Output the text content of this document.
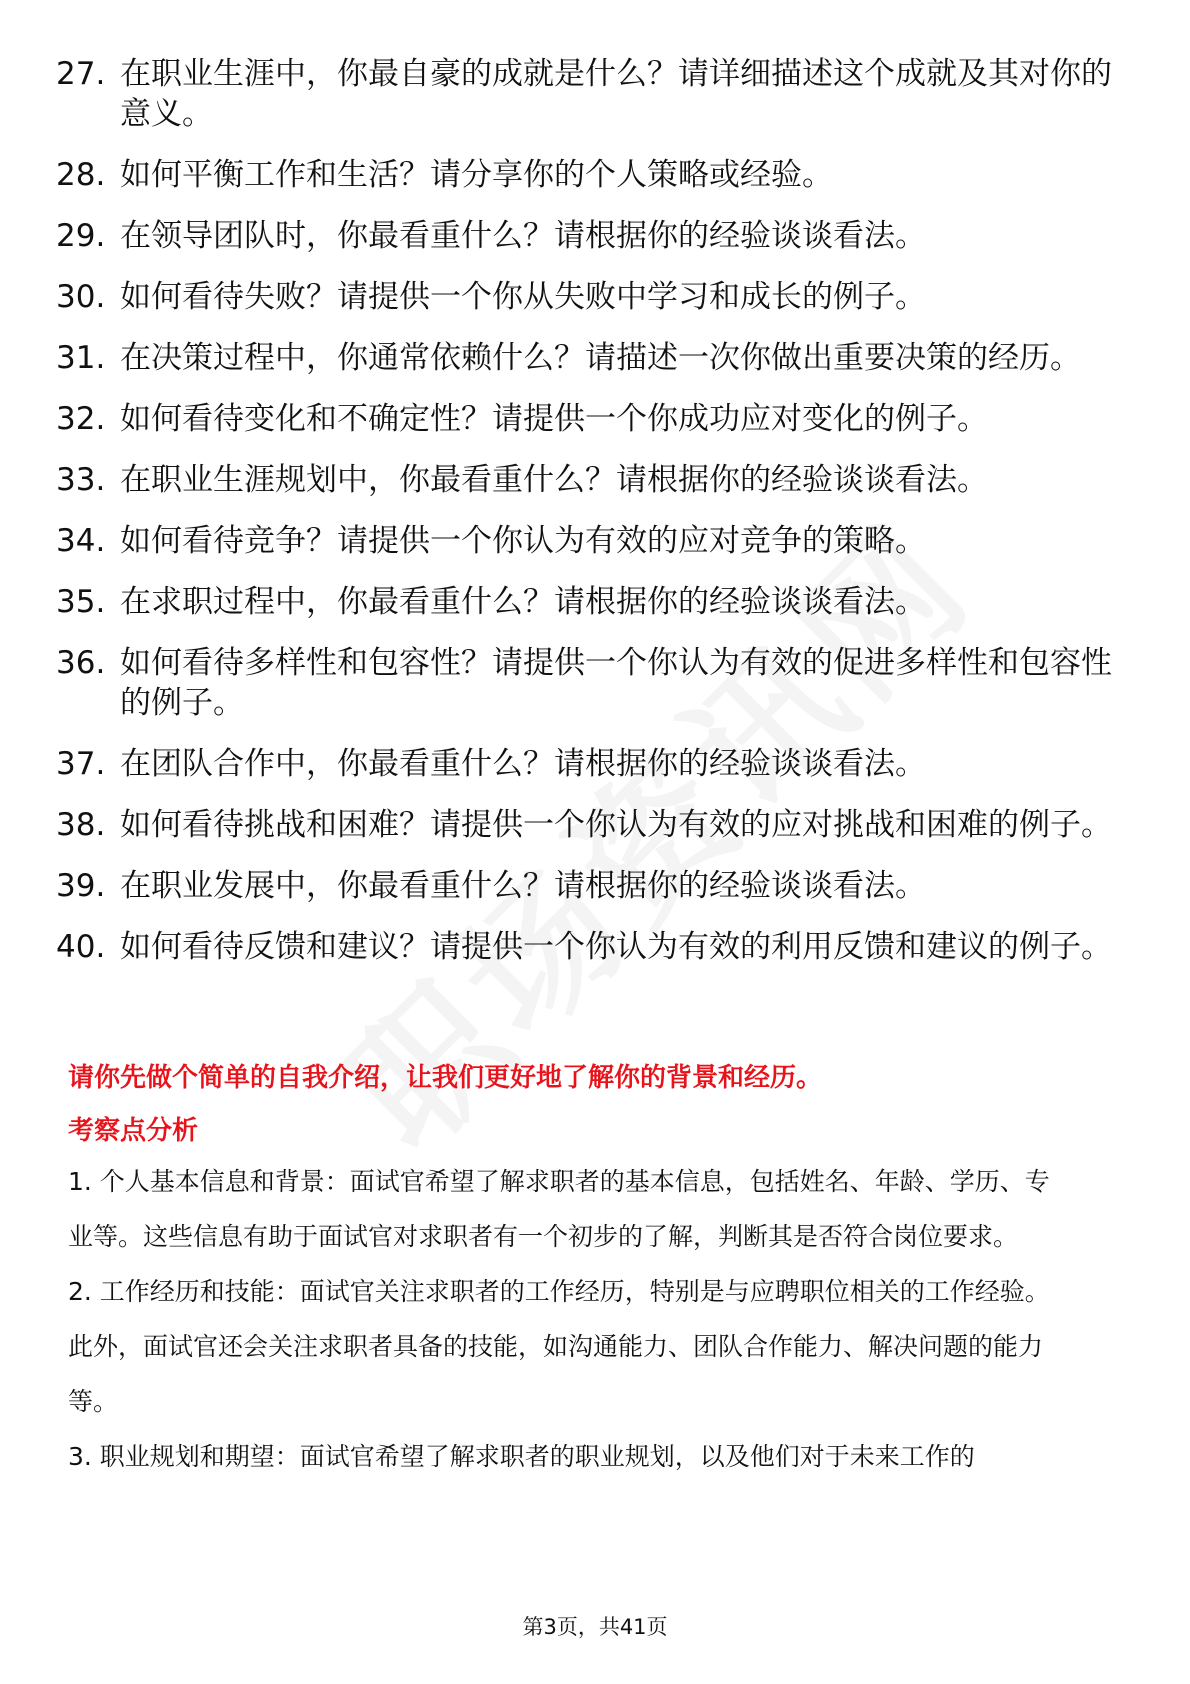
27. 在职业生涯中，你最自豪的成就是什么？请详细描述这个成就及其对你的意义。
28. 如何平衡工作和生活？请分享你的个人策略或经验。
29. 在领导团队时，你最看重什么？请根据你的经验谈谈看法。
30. 如何看待失败？请提供一个你从失败中学习和成长的例子。
31. 在决策过程中，你通常依赖什么？请描述一次你做出重要决策的经历。
32. 如何看待变化和不确定性？请提供一个你成功应对变化的例子。
33. 在职业生涯规划中，你最看重什么？请根据你的经验谈谈看法。
34. 如何看待竞争？请提供一个你认为有效的应对竞争的策略。
35. 在求职过程中，你最看重什么？请根据你的经验谈谈看法。
36. 如何看待多样性和包容性？请提供一个你认为有效的促进多样性和包容性的例子。
37. 在团队合作中，你最看重什么？请根据你的经验谈谈看法。
38. 如何看待挑战和困难？请提供一个你认为有效的应对挑战和困难的例子。
39. 在职业发展中，你最看重什么？请根据你的经验谈谈看法。
40. 如何看待反馈和建议？请提供一个你认为有效的利用反馈和建议的例子。
请你先做个简单的自我介绍，让我们更好地了解你的背景和经历。
考察点分析

1. 个人基本信息和背景：面试官希望了解求职者的基本信息，包括姓名、年龄、学历、专业等。这些信息有助于面试官对求职者有一个初步的了解，判断其是否符合岗位要求。

2. 工作经历和技能：面试官关注求职者的工作经历，特别是与应聘职位相关的工作经验。此外，面试官还会关注求职者具备的技能，如沟通能力、团队合作能力、解决问题的能力等。

3. 职业规划和期望：面试官希望了解求职者的职业规划，以及他们对于未来工作的

第3页，共41页
